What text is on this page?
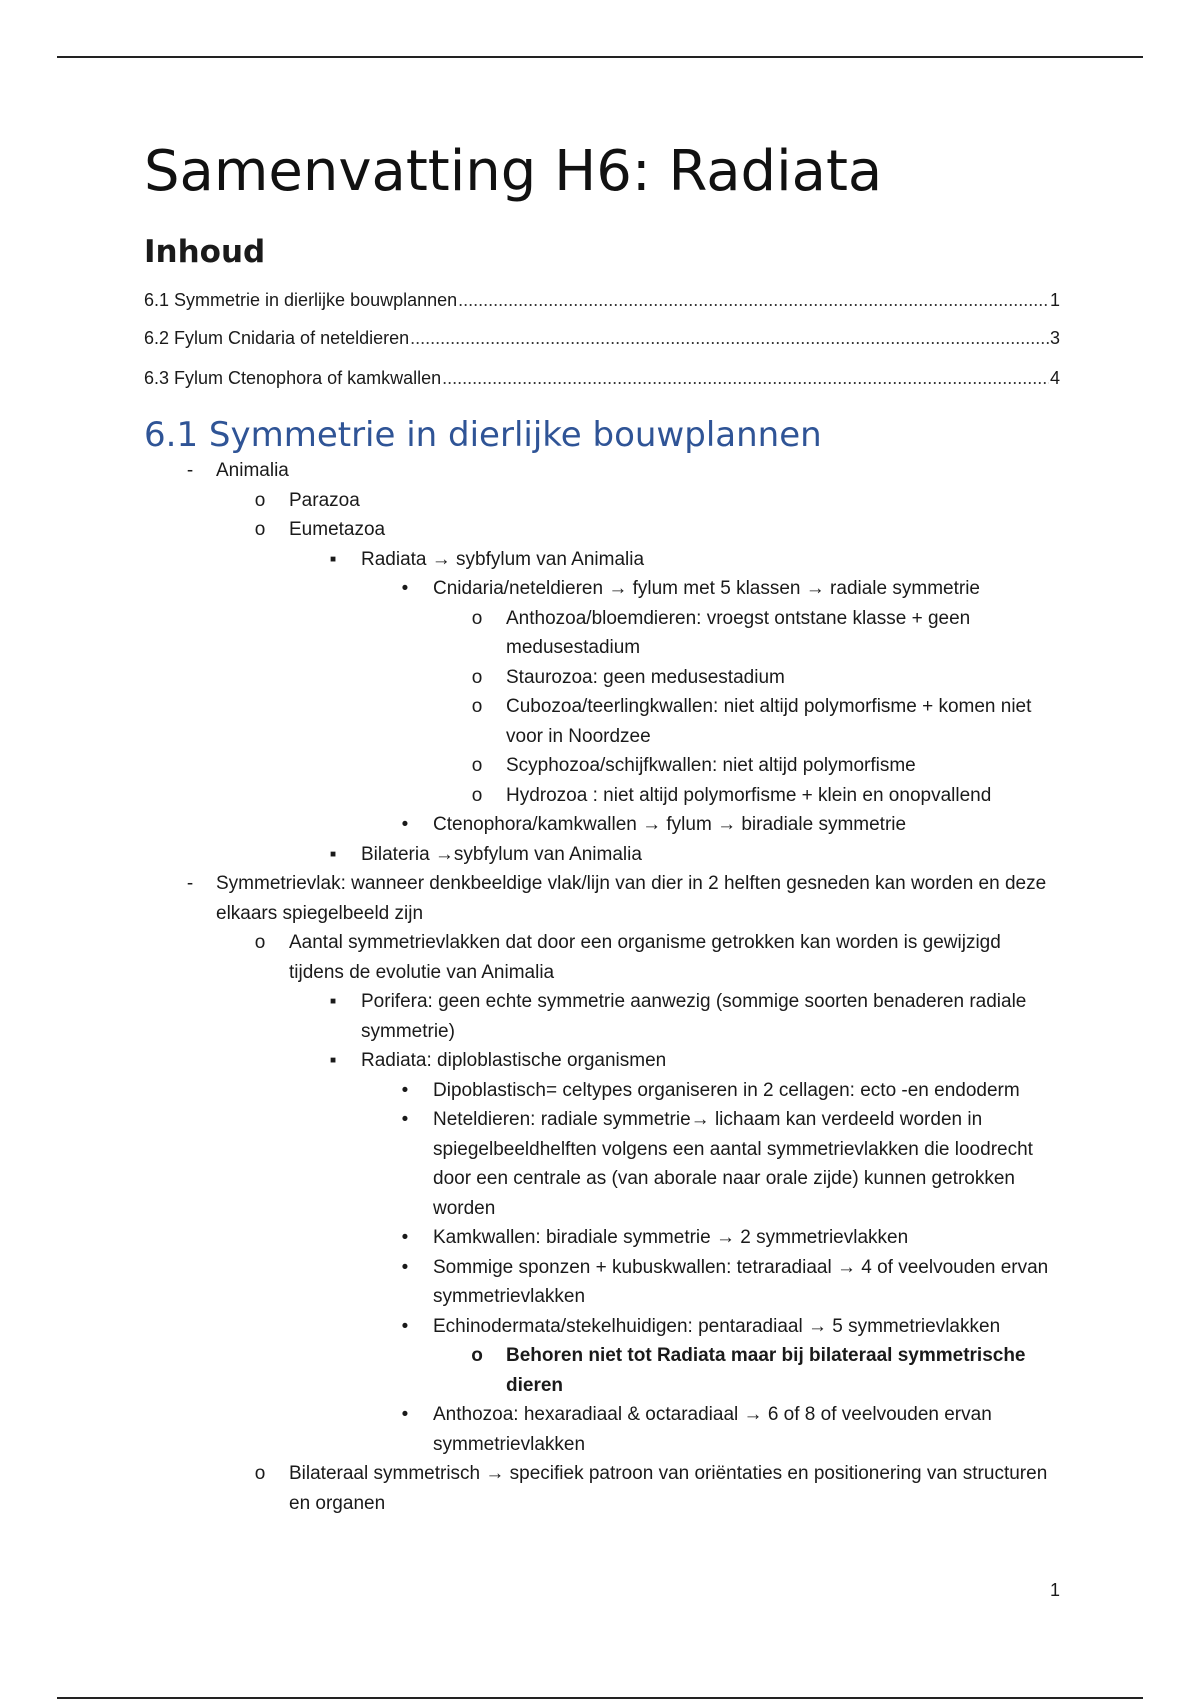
Samenvatting H6: Radiata
Inhoud
6.1 Symmetrie in dierlijke bouwplannen .....	1
6.2 Fylum Cnidaria of neteldieren .....	3
6.3 Fylum Ctenophora of kamkwallen .....	4
6.1 Symmetrie in dierlijke bouwplannen
-	Animalia
o Parazoa
o Eumetazoa
■	Radiata → sybfylum van Animalia
•	Cnidaria/neteldieren → fylum met 5 klassen → radiale symmetrie
o Anthozoa/bloemdieren: vroegst ontstane klasse + geen medusestadium
o Staurozoa: geen medusestadium
o Cubozoa/teerlingkwallen: niet altijd polymorfisme + komen niet voor in Noordzee
o Scyphozoa/schijfkwallen: niet altijd polymorfisme
o Hydrozoa : niet altijd polymorfisme + klein en onopvallend
•	Ctenophora/kamkwallen → fylum → biradiale symmetrie
■	Bilateria →sybfylum van Animalia
-	Symmetrievlak: wanneer denkbeeldige vlak/lijn van dier in 2 helften gesneden kan worden en deze elkaars spiegelbeeld zijn
o Aantal symmetrievlakken dat door een organisme getrokken kan worden is gewijzigd tijdens de evolutie van Animalia
■	Porifera: geen echte symmetrie aanwezig (sommige soorten benaderen radiale symmetrie)
■	Radiata: diploblastische organismen
•	Dipoblastisch= celtypes organiseren in 2 cellagen: ecto -en endoderm
•	Neteldieren: radiale symmetrie→ lichaam kan verdeeld worden in spiegelbeeldhelften volgens een aantal symmetrievlakken die loodrecht door een centrale as (van aborale naar orale zijde) kunnen getrokken worden
•	Kamkwallen: biradiale symmetrie → 2 symmetrievlakken
•	Sommige sponzen + kubuskwallen: tetraradiaal → 4 of veelvouden ervan symmetrievlakken
•	Echinodermata/stekelhuidigen: pentaradiaal → 5 symmetrievlakken
o Behoren niet tot Radiata maar bij bilateraal symmetrische dieren
•	Anthozoa: hexaradiaal & octaradiaal → 6 of 8 of veelvouden ervan symmetrievlakken
o Bilateraal symmetrisch → specifiek patroon van oriëntaties en positionering van structuren en organen
1
